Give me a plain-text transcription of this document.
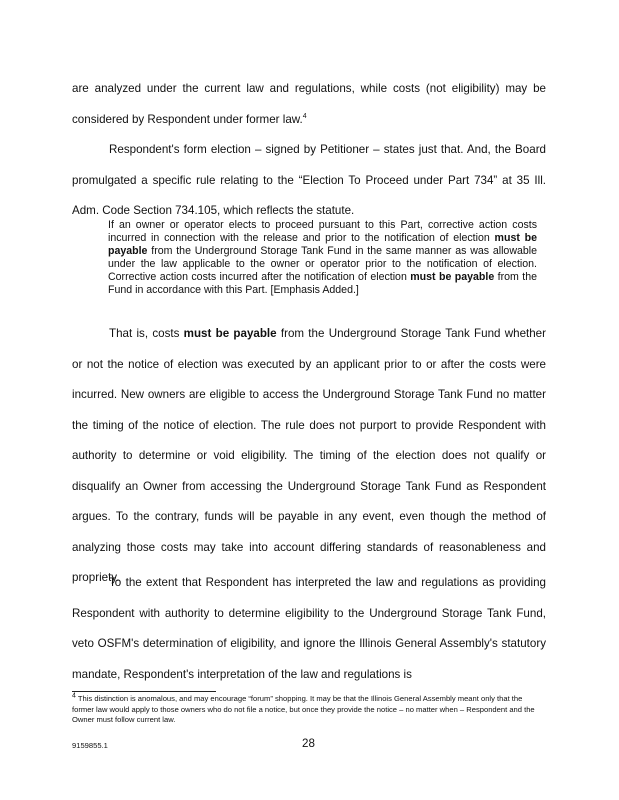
are analyzed under the current law and regulations, while costs (not eligibility) may be considered by Respondent under former law.$^4$

Respondent's form election – signed by Petitioner – states just that. And, the Board promulgated a specific rule relating to the “Election To Proceed under Part 734” at 35 Ill. Adm. Code Section 734.105, which reflects the statute.

If an owner or operator elects to proceed pursuant to this Part, corrective action costs incurred in connection with the release and prior to the notification of election must be payable from the Underground Storage Tank Fund in the same manner as was allowable under the law applicable to the owner or operator prior to the notification of election. Corrective action costs incurred after the notification of election must be payable from the Fund in accordance with this Part. [Emphasis Added.]

That is, costs must be payable from the Underground Storage Tank Fund whether or not the notice of election was executed by an applicant prior to or after the costs were incurred. New owners are eligible to access the Underground Storage Tank Fund no matter the timing of the notice of election. The rule does not purport to provide Respondent with authority to determine or void eligibility. The timing of the election does not qualify or disqualify an Owner from accessing the Underground Storage Tank Fund as Respondent argues. To the contrary, funds will be payable in any event, even though the method of analyzing those costs may take into account differing standards of reasonableness and propriety.

To the extent that Respondent has interpreted the law and regulations as providing Respondent with authority to determine eligibility to the Underground Storage Tank Fund, veto OSFM's determination of eligibility, and ignore the Illinois General Assembly's statutory mandate, Respondent's interpretation of the law and regulations is

$^4$ This distinction is anomalous, and may encourage “forum” shopping. It may be that the Illinois General Assembly meant only that the former law would apply to those owners who do not file a notice, but once they provide the notice – no matter when – Respondent and the Owner must follow current law.

9159855.1	28
